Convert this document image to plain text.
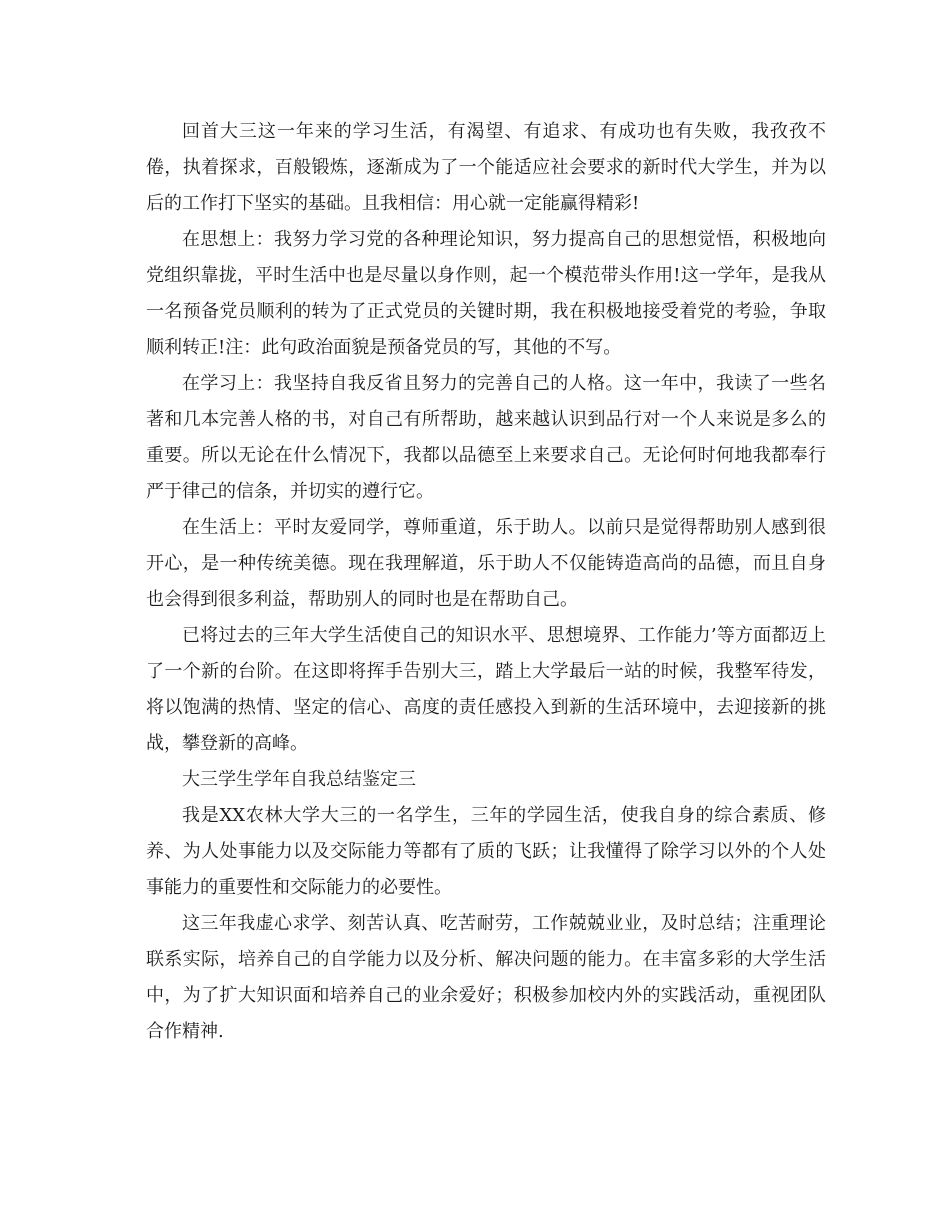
回首大三这一年来的学习生活，有渴望、有追求、有成功也有失败，我孜孜不倦，执着探求，百般锻炼，逐渐成为了一个能适应社会要求的新时代大学生，并为以后的工作打下坚实的基础。且我相信：用心就一定能赢得精彩!

在思想上：我努力学习党的各种理论知识，努力提高自己的思想觉悟，积极地向党组织靠拢，平时生活中也是尽量以身作则，起一个模范带头作用!这一学年，是我从一名预备党员顺利的转为了正式党员的关键时期，我在积极地接受着党的考验，争取顺利转正!注：此句政治面貌是预备党员的写，其他的不写。

在学习上：我坚持自我反省且努力的完善自己的人格。这一年中，我读了一些名著和几本完善人格的书，对自己有所帮助，越来越认识到品行对一个人来说是多么的重要。所以无论在什么情况下，我都以品德至上来要求自己。无论何时何地我都奉行严于律己的信条，并切实的遵行它。

在生活上：平时友爱同学，尊师重道，乐于助人。以前只是觉得帮助别人感到很开心，是一种传统美德。现在我理解道，乐于助人不仅能铸造高尚的品德，而且自身也会得到很多利益，帮助别人的同时也是在帮助自己。

已将过去的三年大学生活使自己的知识水平、思想境界、工作能力’等方面都迈上了一个新的台阶。在这即将挥手告别大三，踏上大学最后一站的时候，我整军待发，将以饱满的热情、坚定的信心、高度的责任感投入到新的生活环境中，去迎接新的挑战，攀登新的高峰。

大三学生学年自我总结鉴定三

我是XX农林大学大三的一名学生，三年的学园生活，使我自身的综合素质、修养、为人处事能力以及交际能力等都有了质的飞跃；让我懂得了除学习以外的个人处事能力的重要性和交际能力的必要性。

这三年我虚心求学、刻苦认真、吃苦耐劳，工作兢兢业业，及时总结；注重理论联系实际，培养自己的自学能力以及分析、解决问题的能力。在丰富多彩的大学生活中，为了扩大知识面和培养自己的业余爱好；积极参加校内外的实践活动，重视团队合作精神.
